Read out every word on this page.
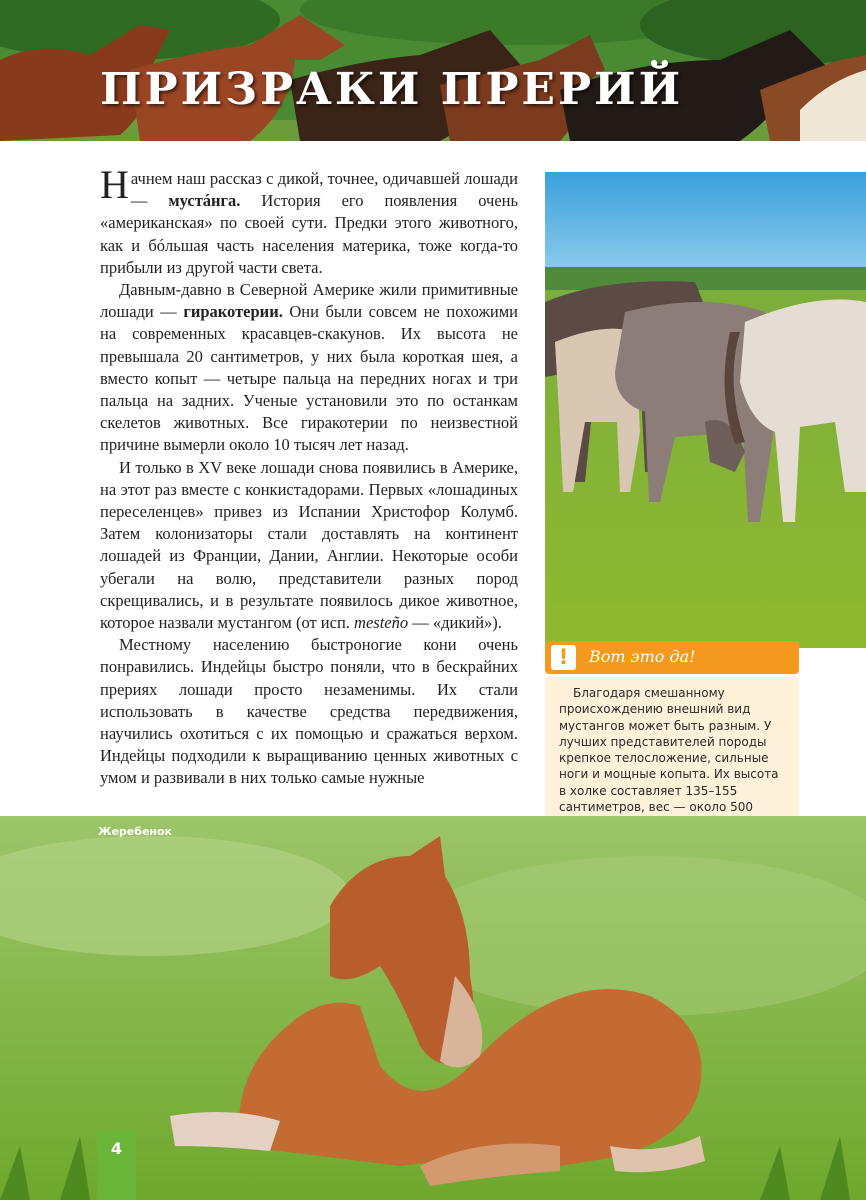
ПРИЗРАКИ ПРЕРИЙ

Начнем наш рассказ с дикой, точнее, одичавшей лошади — мустáнга. История его появления очень «американская» по своей сути. Предки этого животного, как и бóльшая часть населения материка, тоже когда-то прибыли из другой части света.

Давным-давно в Северной Америке жили примитивные лошади — гиракотерии. Они были совсем не похожими на современных красавцев-скакунов. Их высота не превышала 20 сантиметров, у них была короткая шея, а вместо копыт — четыре пальца на передних ногах и три пальца на задних. Ученые установили это по останкам скелетов животных. Все гиракотерии по неизвестной причине вымерли около 10 тысяч лет назад.

И только в XV веке лошади снова появились в Америке, на этот раз вместе с конкистадорами. Первых «лошадиных переселенцев» привез из Испании Христофор Колумб. Затем колонизаторы стали доставлять на континент лошадей из Франции, Дании, Англии. Некоторые особи убегали на волю, представители разных пород скрещивались, и в результате появилось дикое животное, которое назвали мустангом (от исп. mesteño — «дикий»).

Местному населению быстроногие кони очень понравились. Индейцы быстро поняли, что в бескрайних прериях лошади просто незаменимы. Их стали использовать в качестве средства передвижения, научились охотиться с их помощью и сражаться верхом. Индейцы подходили к выращиванию ценных животных с умом и развивали в них только самые нужные

!	Вот это да!

Благодаря смешанному происхождению внешний вид мустангов может быть разным. У лучших представителей породы крепкое телосложение, сильные ноги и мощные копыта. Их высота в холке составляет 135–155 сантиметров, вес — около 500

Жеребенок
4
